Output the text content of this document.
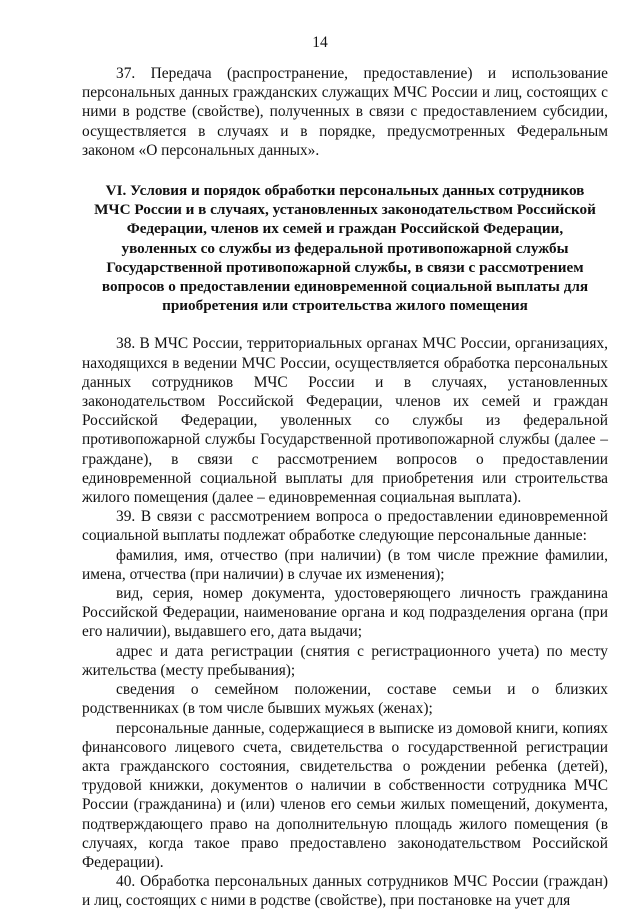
14

37. Передача (распространение, предоставление) и использование персональных данных гражданских служащих МЧС России и лиц, состоящих с ними в родстве (свойстве), полученных в связи с предоставлением субсидии, осуществляется в случаях и в порядке, предусмотренных Федеральным законом «О персональных данных».

VI. Условия и порядок обработки персональных данных сотрудников МЧС России и в случаях, установленных законодательством Российской Федерации, членов их семей и граждан Российской Федерации, уволенных со службы из федеральной противопожарной службы Государственной противопожарной службы, в связи с рассмотрением вопросов о предоставлении единовременной социальной выплаты для приобретения или строительства жилого помещения

38. В МЧС России, территориальных органах МЧС России, организациях, находящихся в ведении МЧС России, осуществляется обработка персональных данных сотрудников МЧС России и в случаях, установленных законодательством Российской Федерации, членов их семей и граждан Российской Федерации, уволенных со службы из федеральной противопожарной службы Государственной противопожарной службы (далее – граждане), в связи с рассмотрением вопросов о предоставлении единовременной социальной выплаты для приобретения или строительства жилого помещения (далее – единовременная социальная выплата).

39. В связи с рассмотрением вопроса о предоставлении единовременной социальной выплаты подлежат обработке следующие персональные данные:

фамилия, имя, отчество (при наличии) (в том числе прежние фамилии, имена, отчества (при наличии) в случае их изменения);

вид, серия, номер документа, удостоверяющего личность гражданина Российской Федерации, наименование органа и код подразделения органа (при его наличии), выдавшего его, дата выдачи;

адрес и дата регистрации (снятия с регистрационного учета) по месту жительства (месту пребывания);

сведения о семейном положении, составе семьи и о близких родственниках (в том числе бывших мужьях (женах);

персональные данные, содержащиеся в выписке из домовой книги, копиях финансового лицевого счета, свидетельства о государственной регистрации акта гражданского состояния, свидетельства о рождении ребенка (детей), трудовой книжки, документов о наличии в собственности сотрудника МЧС России (гражданина) и (или) членов его семьи жилых помещений, документа, подтверждающего право на дополнительную площадь жилого помещения (в случаях, когда такое право предоставлено законодательством Российской Федерации).

40. Обработка персональных данных сотрудников МЧС России (граждан) и лиц, состоящих с ними в родстве (свойстве), при постановке на учет для
